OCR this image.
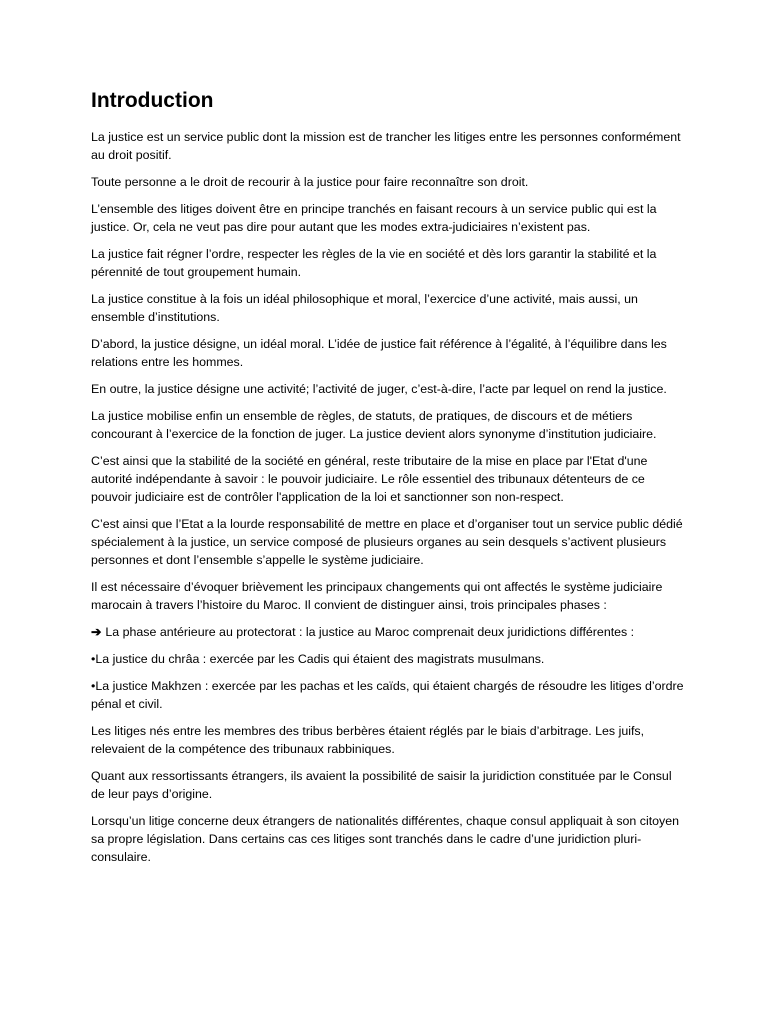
Introduction

La justice est un service public dont la mission est de trancher les litiges entre les personnes conformément au droit positif.

Toute personne a le droit de recourir à la justice pour faire reconnaître son droit.

L’ensemble des litiges doivent être en principe tranchés en faisant recours à un service public qui est la justice. Or, cela ne veut pas dire pour autant que les modes extra-judiciaires n’existent pas.

La justice fait régner l’ordre, respecter les règles de la vie en société et dès lors garantir la stabilité et la pérennité de tout groupement humain.

La justice constitue à la fois un idéal philosophique et moral, l’exercice d’une activité, mais aussi, un ensemble d’institutions.

D’abord, la justice désigne, un idéal moral. L’idée de justice fait référence à l’égalité, à l’équilibre dans les relations entre les hommes.

En outre, la justice désigne une activité; l’activité de juger, c’est-à-dire, l’acte par lequel on rend la justice.

La justice mobilise enfin un ensemble de règles, de statuts, de pratiques, de discours et de métiers concourant à l’exercice de la fonction de juger. La justice devient alors synonyme d’institution judiciaire.

C’est ainsi que la stabilité de la société en général, reste tributaire de la mise en place par l'Etat d'une autorité indépendante à savoir : le pouvoir judiciaire. Le rôle essentiel des tribunaux détenteurs de ce pouvoir judiciaire est de contrôler l'application de la loi et sanctionner son non-respect.

C’est ainsi que l’Etat a la lourde responsabilité de mettre en place et d’organiser tout un service public dédié spécialement à la justice, un service composé de plusieurs organes au sein desquels s’activent plusieurs personnes et dont l’ensemble s’appelle le système judiciaire.

Il est nécessaire d’évoquer brièvement les principaux changements qui ont affectés le système judiciaire marocain à travers l’histoire du Maroc. Il convient de distinguer ainsi, trois principales phases :

➔ La phase antérieure au protectorat : la justice au Maroc comprenait deux juridictions différentes :

•La justice du chrâa : exercée par les Cadis qui étaient des magistrats musulmans.

•La justice Makhzen : exercée par les pachas et les caïds, qui étaient chargés de résoudre les litiges d’ordre pénal et civil.

Les litiges nés entre les membres des tribus berbères étaient réglés par le biais d’arbitrage. Les juifs, relevaient de la compétence des tribunaux rabbiniques.

Quant aux ressortissants étrangers, ils avaient la possibilité de saisir la juridiction constituée par le Consul de leur pays d’origine.

Lorsqu’un litige concerne deux étrangers de nationalités différentes, chaque consul appliquait à son citoyen sa propre législation. Dans certains cas ces litiges sont tranchés dans le cadre d’une juridiction pluri-consulaire.
